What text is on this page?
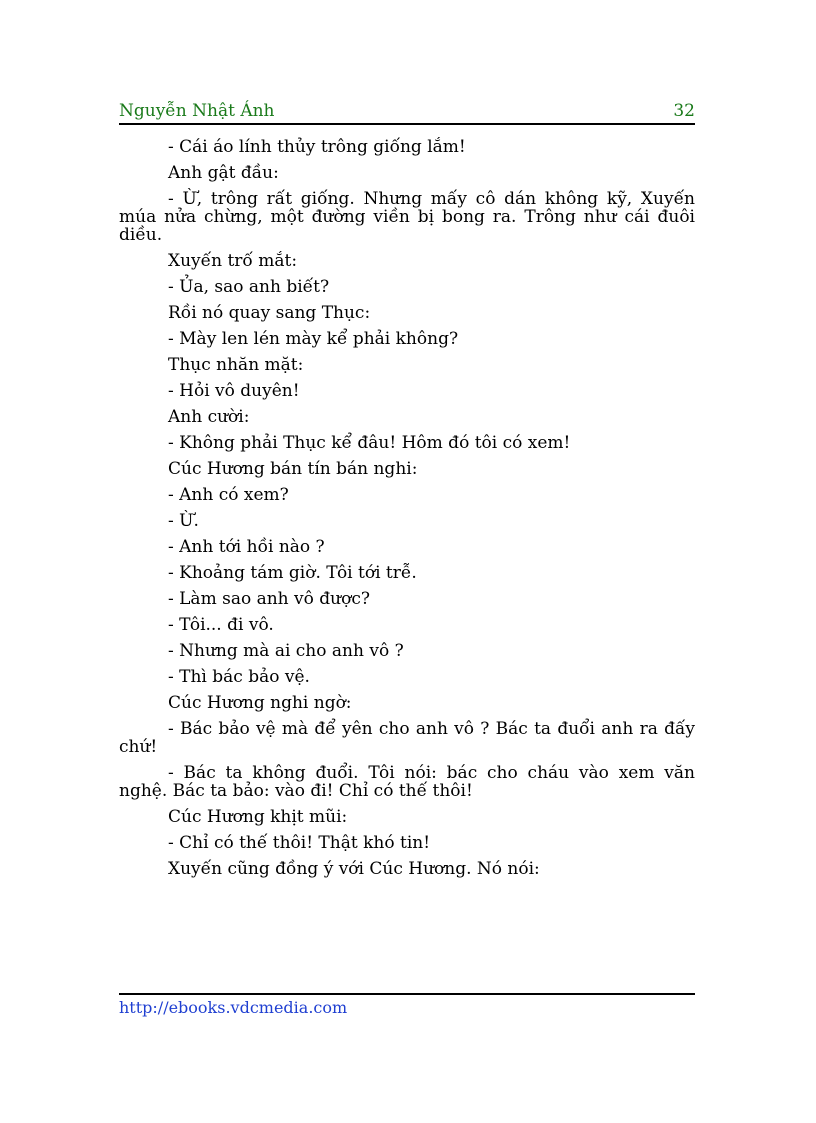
Nguyễn Nhật Ánh	32

- Cái áo lính thủy trông giống lắm!

Anh gật đầu:

- Ừ, trông rất giống. Nhưng mấy cô dán không kỹ, Xuyến múa nửa chừng, một đường viền bị bong ra. Trông như cái đuôi diều.

Xuyến trố mắt:

- Ủa, sao anh biết?

Rồi nó quay sang Thục:

- Mày len lén mày kể phải không?

Thục nhăn mặt:

- Hỏi vô duyên!

Anh cười:

- Không phải Thục kể đâu! Hôm đó tôi có xem!

Cúc Hương bán tín bán nghi:

- Anh có xem?

- Ừ.

- Anh tới hồi nào ?

- Khoảng tám giờ. Tôi tới trễ.

- Làm sao anh vô được?

- Tôi... đi vô.

- Nhưng mà ai cho anh vô ?

- Thì bác bảo vệ.

Cúc Hương nghi ngờ:

- Bác bảo vệ mà để yên cho anh vô ? Bác ta đuổi anh ra đấy chứ!

- Bác ta không đuổi. Tôi nói: bác cho cháu vào xem văn nghệ. Bác ta bảo: vào đi! Chỉ có thế thôi!

Cúc Hương khịt mũi:

- Chỉ có thế thôi! Thật khó tin!

Xuyến cũng đồng ý với Cúc Hương. Nó nói:

http://ebooks.vdcmedia.com
